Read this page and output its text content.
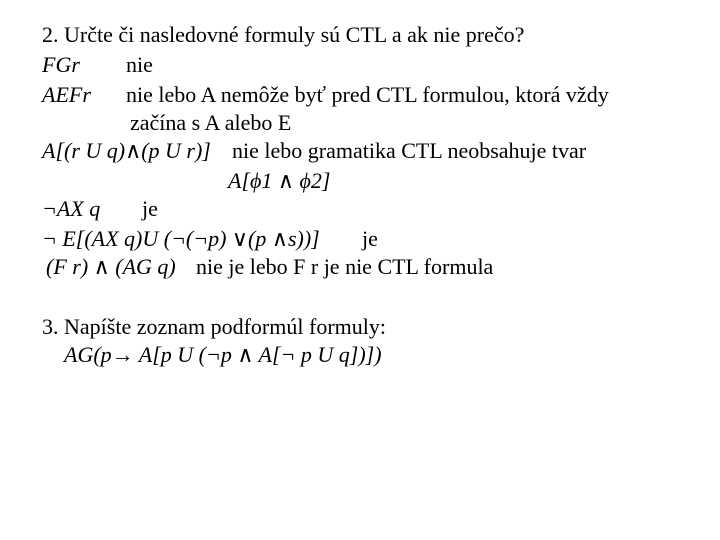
2. Určte či nasledovné formuly sú CTL a ak nie prečo?
FGr nie
AEFr nie lebo A nemôže byť pred CTL formulou, ktorá vždy
začína s A alebo E
A[(r U q)∧(p U r)] nie lebo gramatika CTL neobsahuje tvar
A[ϕ1 ∧ ϕ2]
¬AX q je
¬ E[(AX q)U (¬(¬p) ∨(p ∧s))] je
(F r) ∧ (AG q) nie je lebo F r je nie CTL formula
3. Napíšte zoznam podformúl formuly:
AG(p→ A[p U (¬p ∧ A[¬ p U q])])
